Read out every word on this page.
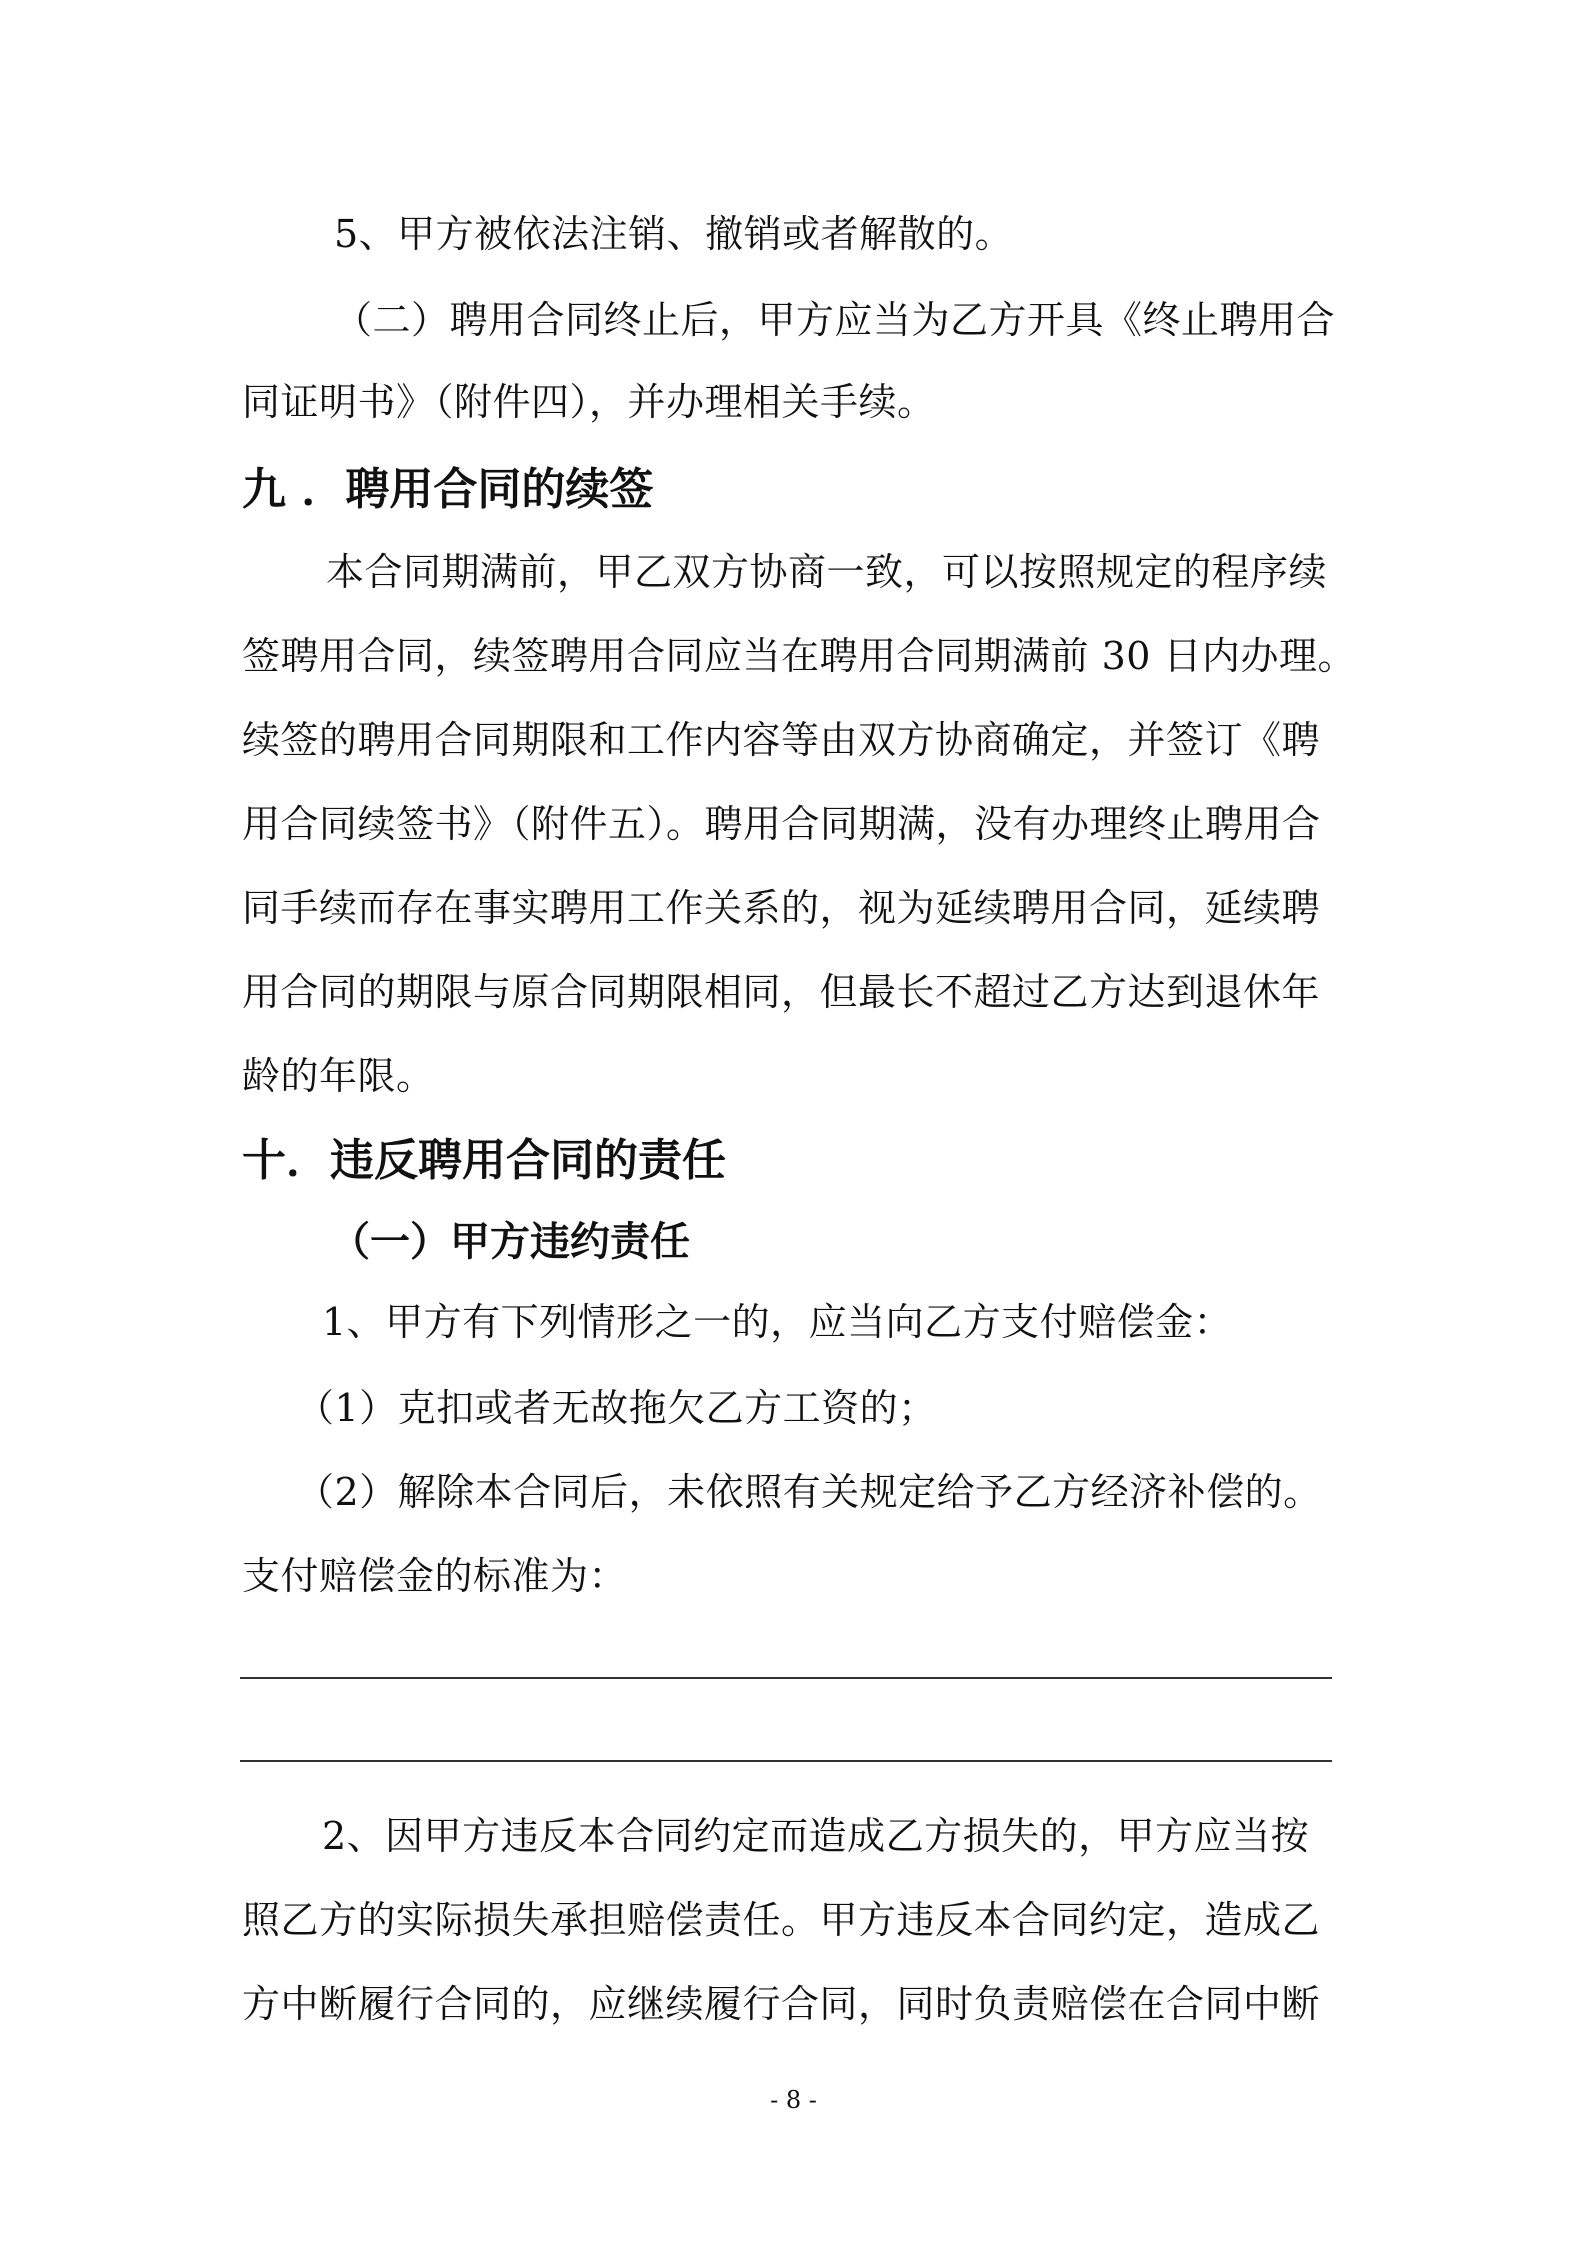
5、甲方被依法注销、撤销或者解散的。
（二）聘用合同终止后，甲方应当为乙方开具《终止聘用合
同证明书》（附件四），并办理相关手续。
九 ．聘用合同的续签
本合同期满前，甲乙双方协商一致，可以按照规定的程序续
签聘用合同，续签聘用合同应当在聘用合同期满前 30 日内办理。
续签的聘用合同期限和工作内容等由双方协商确定，并签订《聘
用合同续签书》（附件五）。聘用合同期满，没有办理终止聘用合
同手续而存在事实聘用工作关系的，视为延续聘用合同，延续聘
用合同的期限与原合同期限相同，但最长不超过乙方达到退休年
龄的年限。
十．违反聘用合同的责任
（一）甲方违约责任
1、甲方有下列情形之一的，应当向乙方支付赔偿金：
（1）克扣或者无故拖欠乙方工资的；
（2）解除本合同后，未依照有关规定给予乙方经济补偿的。
支付赔偿金的标准为：
2、因甲方违反本合同约定而造成乙方损失的，甲方应当按
照乙方的实际损失承担赔偿责任。甲方违反本合同约定，造成乙
方中断履行合同的，应继续履行合同，同时负责赔偿在合同中断
- 8 -
